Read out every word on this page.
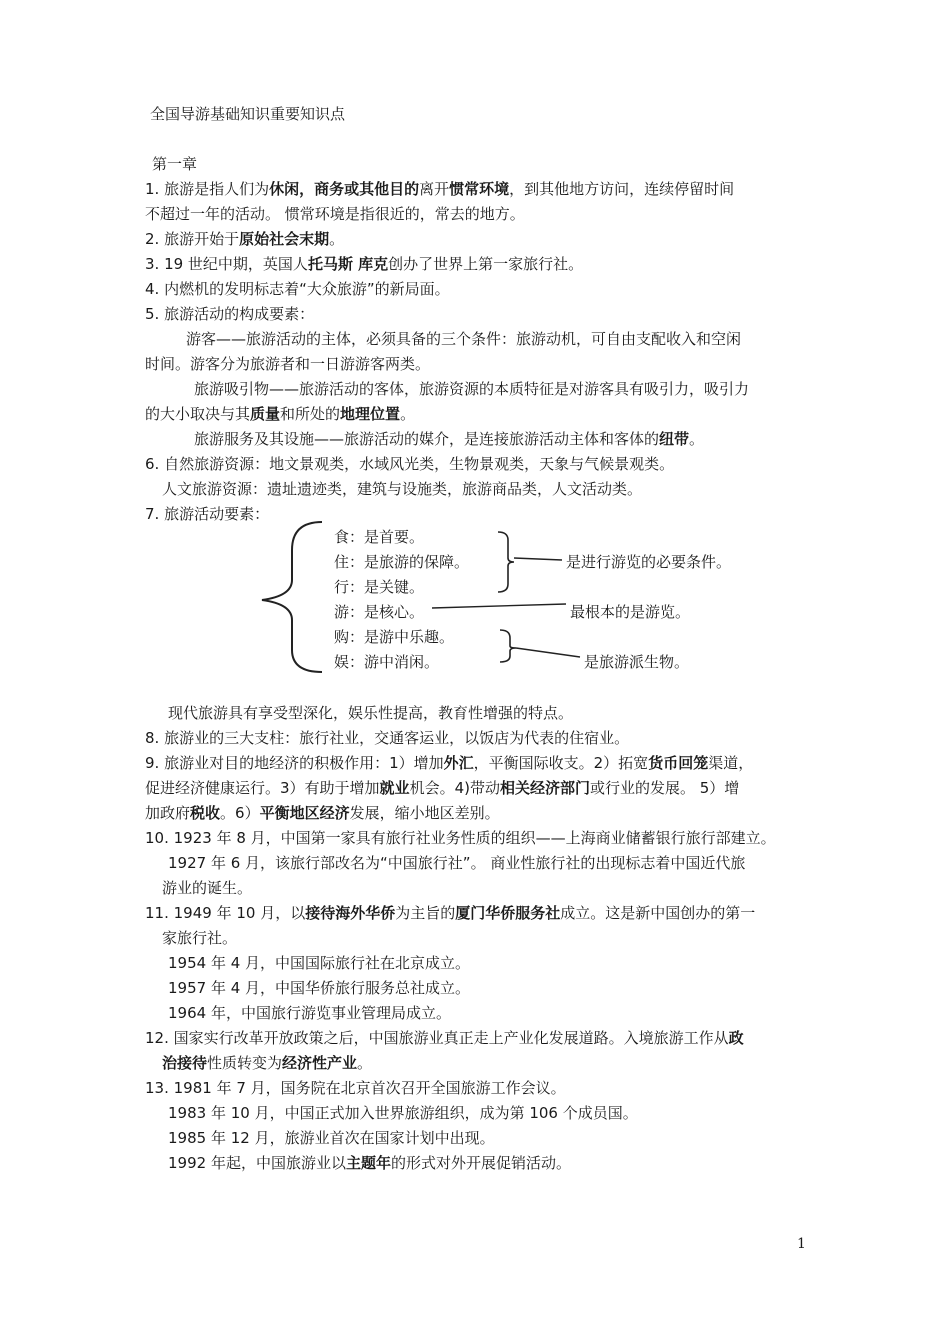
全国导游基础知识重要知识点
第一章
1. 旅游是指人们为休闲，商务或其他目的离开惯常环境，到其他地方访问，连续停留时间
不超过一年的活动。 惯常环境是指很近的，常去的地方。
2. 旅游开始于原始社会末期。
3. 19 世纪中期，英国人托马斯 库克创办了世界上第一家旅行社。
4. 内燃机的发明标志着“大众旅游”的新局面。
5. 旅游活动的构成要素：
游客——旅游活动的主体，必须具备的三个条件：旅游动机，可自由支配收入和空闲
时间。游客分为旅游者和一日游游客两类。
旅游吸引物——旅游活动的客体，旅游资源的本质特征是对游客具有吸引力，吸引力
的大小取决与其质量和所处的地理位置。
旅游服务及其设施——旅游活动的媒介，是连接旅游活动主体和客体的纽带。
6. 自然旅游资源：地文景观类，水域风光类，生物景观类，天象与气候景观类。
人文旅游资源：遗址遗迹类，建筑与设施类，旅游商品类，人文活动类。
7. 旅游活动要素：
现代旅游具有享受型深化，娱乐性提高，教育性增强的特点。
8. 旅游业的三大支柱：旅行社业，交通客运业，以饭店为代表的住宿业。
9. 旅游业对目的地经济的积极作用：1）增加外汇，平衡国际收支。2）拓宽货币回笼渠道，
促进经济健康运行。3）有助于增加就业机会。4)带动相关经济部门或行业的发展。 5）增
加政府税收。6）平衡地区经济发展，缩小地区差别。
10. 1923 年 8 月，中国第一家具有旅行社业务性质的组织——上海商业储蓄银行旅行部建立。
1927 年 6 月，该旅行部改名为“中国旅行社”。 商业性旅行社的出现标志着中国近代旅
游业的诞生。
11. 1949 年 10 月，以接待海外华侨为主旨的厦门华侨服务社成立。这是新中国创办的第一
家旅行社。
1954 年 4 月，中国国际旅行社在北京成立。
1957 年 4 月，中国华侨旅行服务总社成立。
1964 年，中国旅行游览事业管理局成立。
12. 国家实行改革开放政策之后，中国旅游业真正走上产业化发展道路。入境旅游工作从政
治接待性质转变为经济性产业。
13. 1981 年 7 月，国务院在北京首次召开全国旅游工作会议。
1983 年 10 月，中国正式加入世界旅游组织，成为第 106 个成员国。
1985 年 12 月，旅游业首次在国家计划中出现。
1992 年起，中国旅游业以主题年的形式对外开展促销活动。
食：是首要。
住：是旅游的保障。
行：是关键。
游：是核心。
购：是游中乐趣。
娱：游中消闲。
是进行游览的必要条件。
最根本的是游览。
是旅游派生物。
1
